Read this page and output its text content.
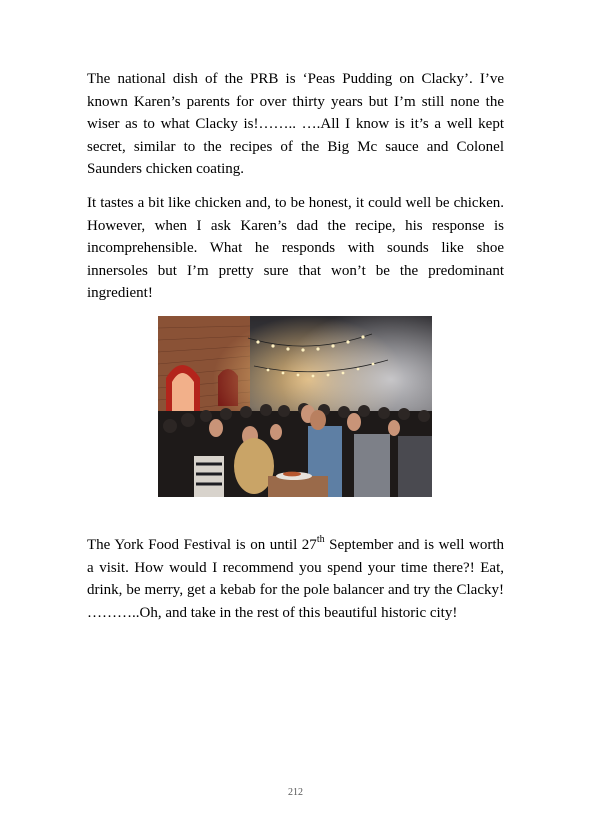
The national dish of the PRB is ‘Peas Pudding on Clacky’. I’ve known Karen’s parents for over thirty years but I’m still none the wiser as to what Clacky is!…….. ….All I know is it’s a well kept secret, similar to the recipes of the Big Mc sauce and Colonel Saunders chicken coating.

It tastes a bit like chicken and, to be honest, it could well be chicken. However, when I ask Karen’s dad the recipe, his response is incomprehensible. What he responds with sounds like shoe innersoles but I’m pretty sure that won’t be the predominant ingredient!

The York Food Festival is on until 27th September and is well worth a visit. How would I recommend you spend your time there?! Eat, drink, be merry, get a kebab for the pole balancer and try the Clacky! ………..Oh, and take in the rest of this beautiful historic city!

212
